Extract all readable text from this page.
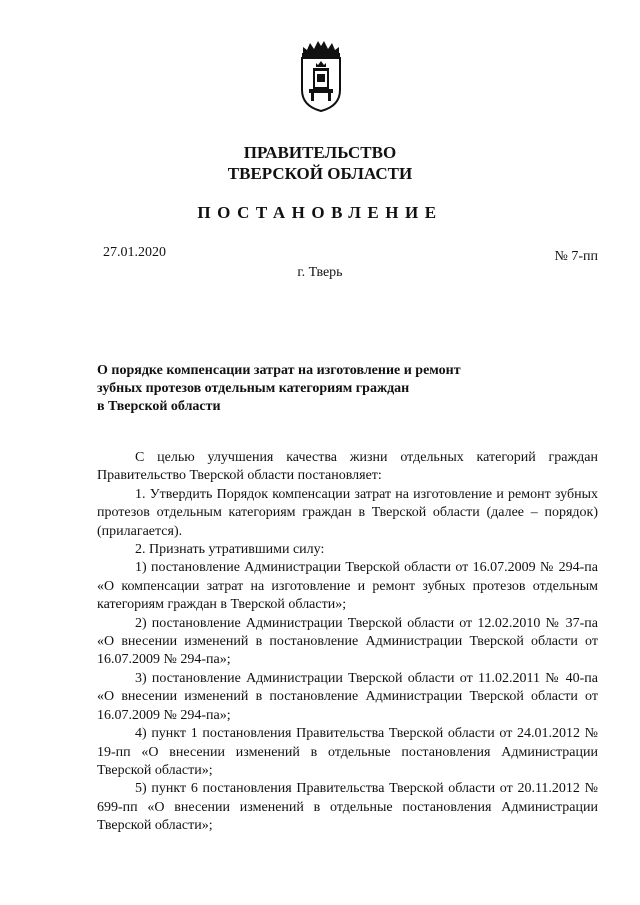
ПРАВИТЕЛЬСТВО
ТВЕРСКОЙ ОБЛАСТИ
ПОСТАНОВЛЕНИЕ
27.01.2020	№ 7-пп
г. Тверь
О порядке компенсации затрат на изготовление и ремонт
зубных протезов отдельным категориям граждан
в Тверской области

С целью улучшения качества жизни отдельных категорий граждан Правительство Тверской области постановляет:

1. Утвердить Порядок компенсации затрат на изготовление и ремонт зубных протезов отдельным категориям граждан в Тверской области (далее – порядок) (прилагается).

2. Признать утратившими силу:

1) постановление Администрации Тверской области от 16.07.2009 № 294-па «О компенсации затрат на изготовление и ремонт зубных протезов отдельным категориям граждан в Тверской области»;

2) постановление Администрации Тверской области от 12.02.2010 № 37-па «О внесении изменений в постановление Администрации Тверской области от 16.07.2009 № 294-па»;

3) постановление Администрации Тверской области от 11.02.2011 № 40-па «О внесении изменений в постановление Администрации Тверской области от 16.07.2009 № 294-па»;

4) пункт 1 постановления Правительства Тверской области от 24.01.2012 № 19-пп «О внесении изменений в отдельные постановления Администрации Тверской области»;

5) пункт 6 постановления Правительства Тверской области от 20.11.2012 № 699-пп «О внесении изменений в отдельные постановления Администрации Тверской области»;
